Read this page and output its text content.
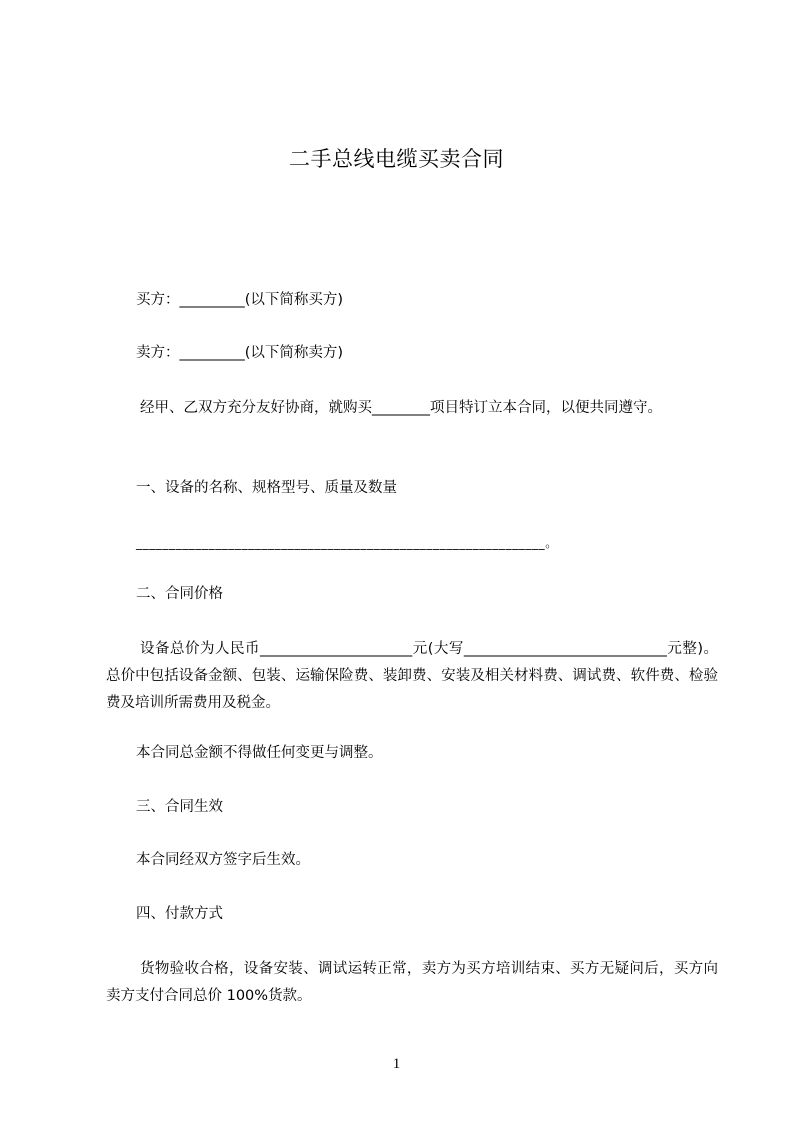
二手总线电缆买卖合同
买方：_________(以下简称买方)
卖方：_________(以下简称卖方)
经甲、乙双方充分友好协商，就购买________项目特订立本合同，以便共同遵守。
一、设备的名称、规格型号、质量及数量
______________________________________________________________。
二、合同价格
设备总价为人民币_____________________元(大写____________________________元整)。总价中包括设备金额、包装、运输保险费、装卸费、安装及相关材料费、调试费、软件费、检验费及培训所需费用及税金。
本合同总金额不得做任何变更与调整。
三、合同生效
本合同经双方签字后生效。
四、付款方式
货物验收合格，设备安装、调试运转正常，卖方为买方培训结束、买方无疑问后，买方向卖方支付合同总价 100%货款。
1
